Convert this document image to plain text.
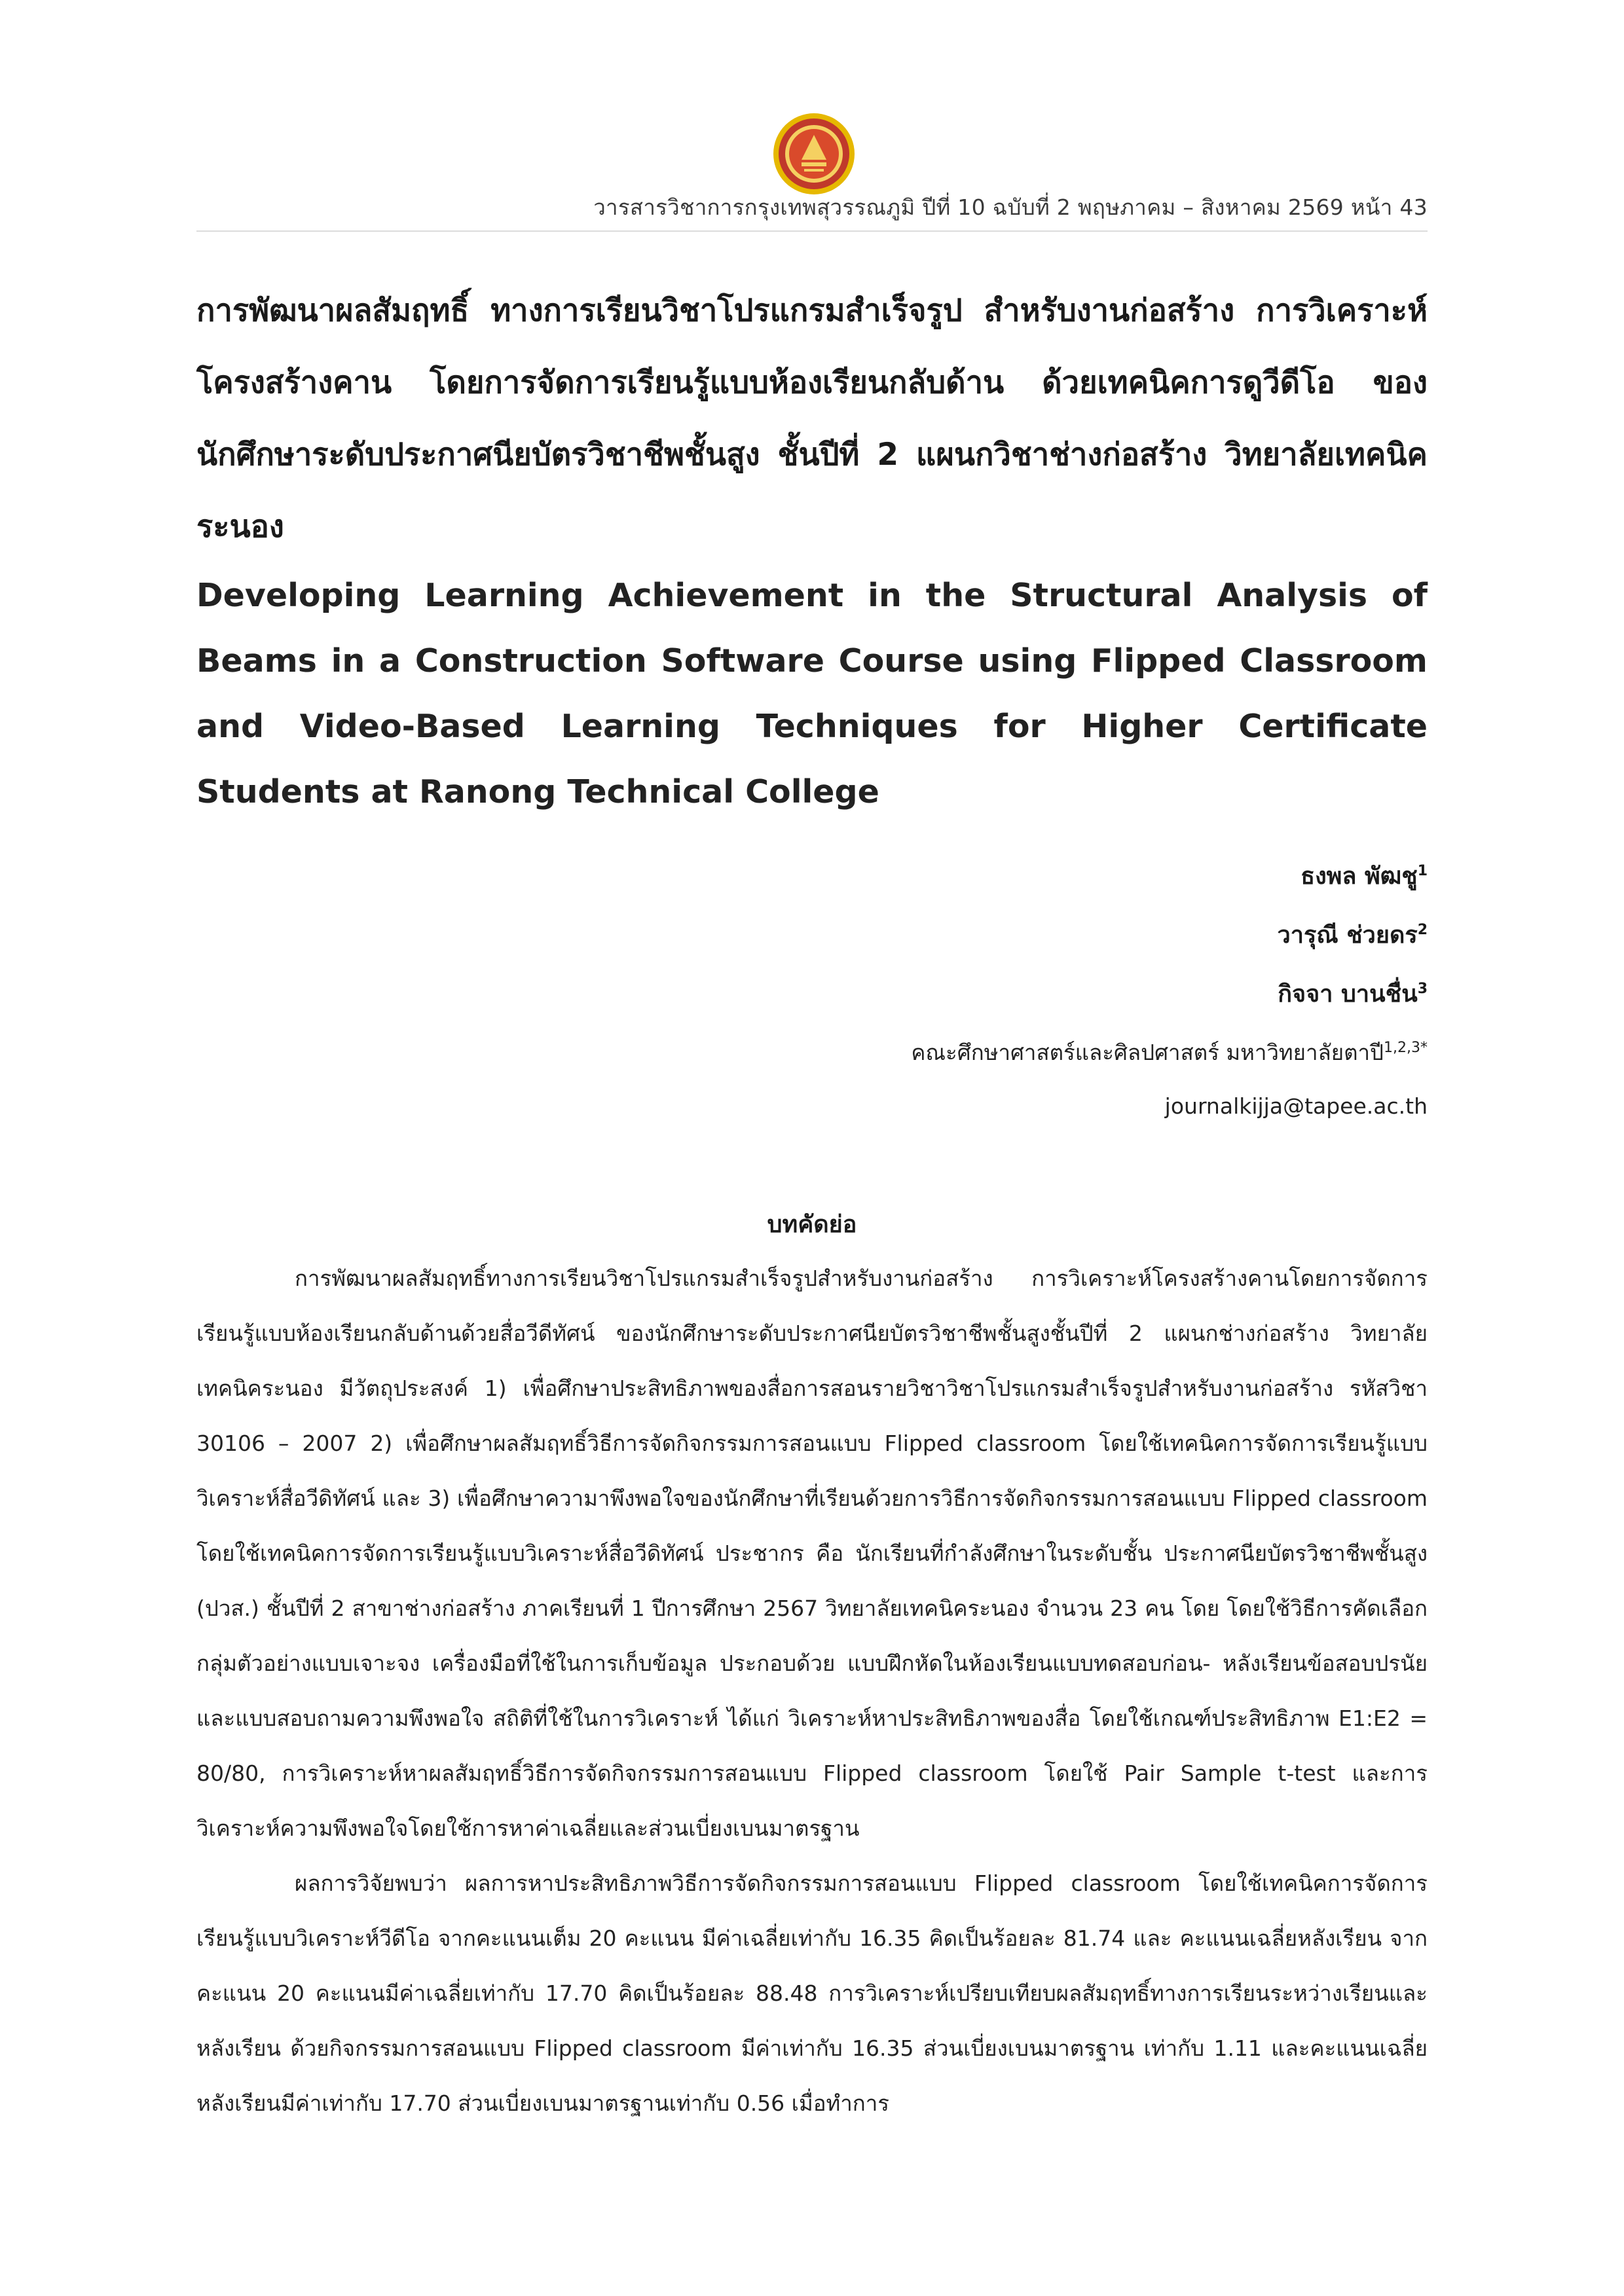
วารสารวิชาการกรุงเทพสุวรรณภูมิ ปีที่ 10 ฉบับที่ 2 พฤษภาคม – สิงหาคม 2569 หน้า 43

การพัฒนาผลสัมฤทธิ์ ทางการเรียนวิชาโปรแกรมสำเร็จรูป สำหรับงานก่อสร้าง การวิเคราะห์โครงสร้างคาน โดยการจัดการเรียนรู้แบบห้องเรียนกลับด้าน ด้วยเทคนิคการดูวีดีโอ ของนักศึกษาระดับประกาศนียบัตรวิชาชีพชั้นสูง ชั้นปีที่ 2 แผนกวิชาช่างก่อสร้าง วิทยาลัยเทคนิคระนอง

Developing Learning Achievement in the Structural Analysis of Beams in a Construction Software Course using Flipped Classroom and Video-Based Learning Techniques for Higher Certificate Students at Ranong Technical College

ธงพล พัฒชู$^1$
วารุณี ช่วยดร$^2$
กิจจา บานชื่น$^3$
คณะศึกษาศาสตร์และศิลปศาสตร์ มหาวิทยาลัยตาปี$^{1,2,3*}$
journalkijja@tapee.ac.th
บทคัดย่อ

การพัฒนาผลสัมฤทธิ์ทางการเรียนวิชาโปรแกรมสำเร็จรูปสำหรับงานก่อสร้าง การวิเคราะห์โครงสร้างคานโดยการจัดการเรียนรู้แบบห้องเรียนกลับด้านด้วยสื่อวีดีทัศน์ ของนักศึกษาระดับประกาศนียบัตรวิชาชีพชั้นสูงชั้นปีที่ 2 แผนกช่างก่อสร้าง วิทยาลัยเทคนิคระนอง มีวัตถุประสงค์ 1) เพื่อศึกษาประสิทธิภาพของสื่อการสอนรายวิชาวิชาโปรแกรมสำเร็จรูปสำหรับงานก่อสร้าง รหัสวิชา 30106 – 2007 2) เพื่อศึกษาผลสัมฤทธิ์วิธีการจัดกิจกรรมการสอนแบบ Flipped classroom โดยใช้เทคนิคการจัดการเรียนรู้แบบวิเคราะห์สื่อวีดิทัศน์ และ 3) เพื่อศึกษาความาพึงพอใจของนักศึกษาที่เรียนด้วยการวิธีการจัดกิจกรรมการสอนแบบ Flipped classroom โดยใช้เทคนิคการจัดการเรียนรู้แบบวิเคราะห์สื่อวีดิทัศน์ ประชากร คือ นักเรียนที่กำลังศึกษาในระดับชั้น ประกาศนียบัตรวิชาชีพชั้นสูง (ปวส.) ชั้นปีที่ 2 สาขาช่างก่อสร้าง ภาคเรียนที่ 1 ปีการศึกษา 2567 วิทยาลัยเทคนิคระนอง จำนวน 23 คน โดย โดยใช้วิธีการคัดเลือกกลุ่มตัวอย่างแบบเจาะจง เครื่องมือที่ใช้ในการเก็บข้อมูล ประกอบด้วย แบบฝึกหัดในห้องเรียนแบบทดสอบก่อน- หลังเรียนข้อสอบปรนัย และแบบสอบถามความพึงพอใจ สถิติที่ใช้ในการวิเคราะห์ ได้แก่ วิเคราะห์หาประสิทธิภาพของสื่อ โดยใช้เกณฑ์ประสิทธิภาพ E1:E2 = 80/80, การวิเคราะห์หาผลสัมฤทธิ์วิธีการจัดกิจกรรมการสอนแบบ Flipped classroom โดยใช้ Pair Sample t-test และการวิเคราะห์ความพึงพอใจโดยใช้การหาค่าเฉลี่ยและส่วนเบี่ยงเบนมาตรฐาน

ผลการวิจัยพบว่า ผลการหาประสิทธิภาพวิธีการจัดกิจกรรมการสอนแบบ Flipped classroom โดยใช้เทคนิคการจัดการเรียนรู้แบบวิเคราะห์วีดีโอ จากคะแนนเต็ม 20 คะแนน มีค่าเฉลี่ยเท่ากับ 16.35 คิดเป็นร้อยละ 81.74 และ คะแนนเฉลี่ยหลังเรียน จากคะแนน 20 คะแนนมีค่าเฉลี่ยเท่ากับ 17.70 คิดเป็นร้อยละ 88.48 การวิเคราะห์เปรียบเทียบผลสัมฤทธิ์ทางการเรียนระหว่างเรียนและหลังเรียน ด้วยกิจกรรมการสอนแบบ Flipped classroom มีค่าเท่ากับ 16.35 ส่วนเบี่ยงเบนมาตรฐาน เท่ากับ 1.11 และคะแนนเฉลี่ยหลังเรียนมีค่าเท่ากับ 17.70 ส่วนเบี่ยงเบนมาตรฐานเท่ากับ 0.56 เมื่อทำการ
